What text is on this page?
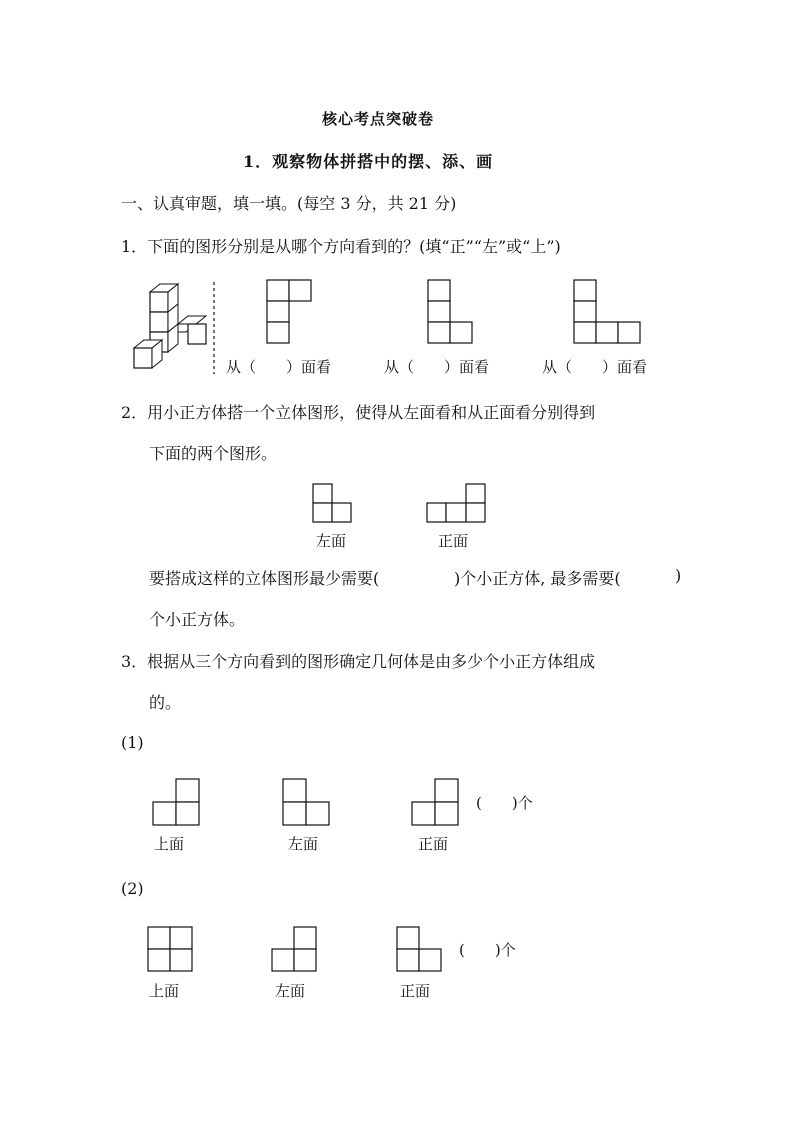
核心考点突破卷
1．观察物体拼搭中的摆、添、画
一、认真审题，填一填。(每空 3 分，共 21 分)
1．下面的图形分别是从哪个方向看到的？(填“正”“左”或“上”)
从（　　）面看	从（　　）面看	从（　　）面看
2．用小正方体搭一个立体图形，使得从左面看和从正面看分别得到
下面的两个图形。
左面	正面
要搭成这样的立体图形最少需要(	)个小正方体, 最多需要(	)
个小正方体。
3．根据从三个方向看到的图形确定几何体是由多少个小正方体组成
的。
(1)
(　　)个
上面	左面	正面
(2)
(　　)个
上面	左面	正面
